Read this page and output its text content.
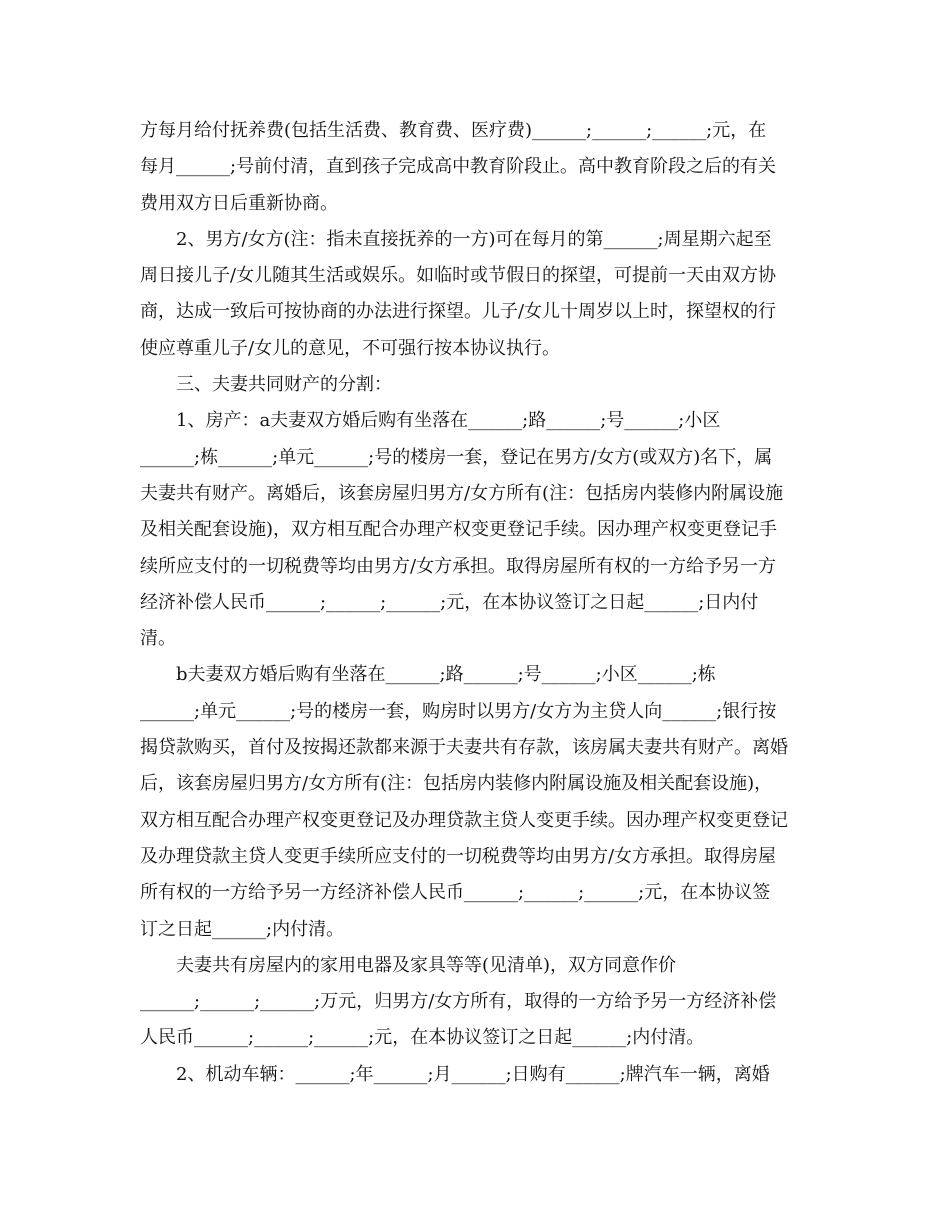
方每月给付抚养费(包括生活费、教育费、医疗费)______;______;______;元，在
每月______;号前付清，直到孩子完成高中教育阶段止。高中教育阶段之后的有关
费用双方日后重新协商。
2、男方/女方(注：指未直接抚养的一方)可在每月的第______;周星期六起至
周日接儿子/女儿随其生活或娱乐。如临时或节假日的探望，可提前一天由双方协
商，达成一致后可按协商的办法进行探望。儿子/女儿十周岁以上时，探望权的行
使应尊重儿子/女儿的意见，不可强行按本协议执行。
三、夫妻共同财产的分割：
1、房产：a夫妻双方婚后购有坐落在______;路______;号______;小区
______;栋______;单元______;号的楼房一套，登记在男方/女方(或双方)名下，属
夫妻共有财产。离婚后，该套房屋归男方/女方所有(注：包括房内装修内附属设施
及相关配套设施)，双方相互配合办理产权变更登记手续。因办理产权变更登记手
续所应支付的一切税费等均由男方/女方承担。取得房屋所有权的一方给予另一方
经济补偿人民币______;______;______;元，在本协议签订之日起______;日内付
清。
b夫妻双方婚后购有坐落在______;路______;号______;小区______;栋
______;单元______;号的楼房一套，购房时以男方/女方为主贷人向______;银行按
揭贷款购买，首付及按揭还款都来源于夫妻共有存款，该房属夫妻共有财产。离婚
后，该套房屋归男方/女方所有(注：包括房内装修内附属设施及相关配套设施)，
双方相互配合办理产权变更登记及办理贷款主贷人变更手续。因办理产权变更登记
及办理贷款主贷人变更手续所应支付的一切税费等均由男方/女方承担。取得房屋
所有权的一方给予另一方经济补偿人民币______;______;______;元，在本协议签
订之日起______;内付清。
夫妻共有房屋内的家用电器及家具等等(见清单)，双方同意作价
______;______;______;万元，归男方/女方所有，取得的一方给予另一方经济补偿
人民币______;______;______;元，在本协议签订之日起______;内付清。
2、机动车辆：______;年______;月______;日购有______;牌汽车一辆，离婚
